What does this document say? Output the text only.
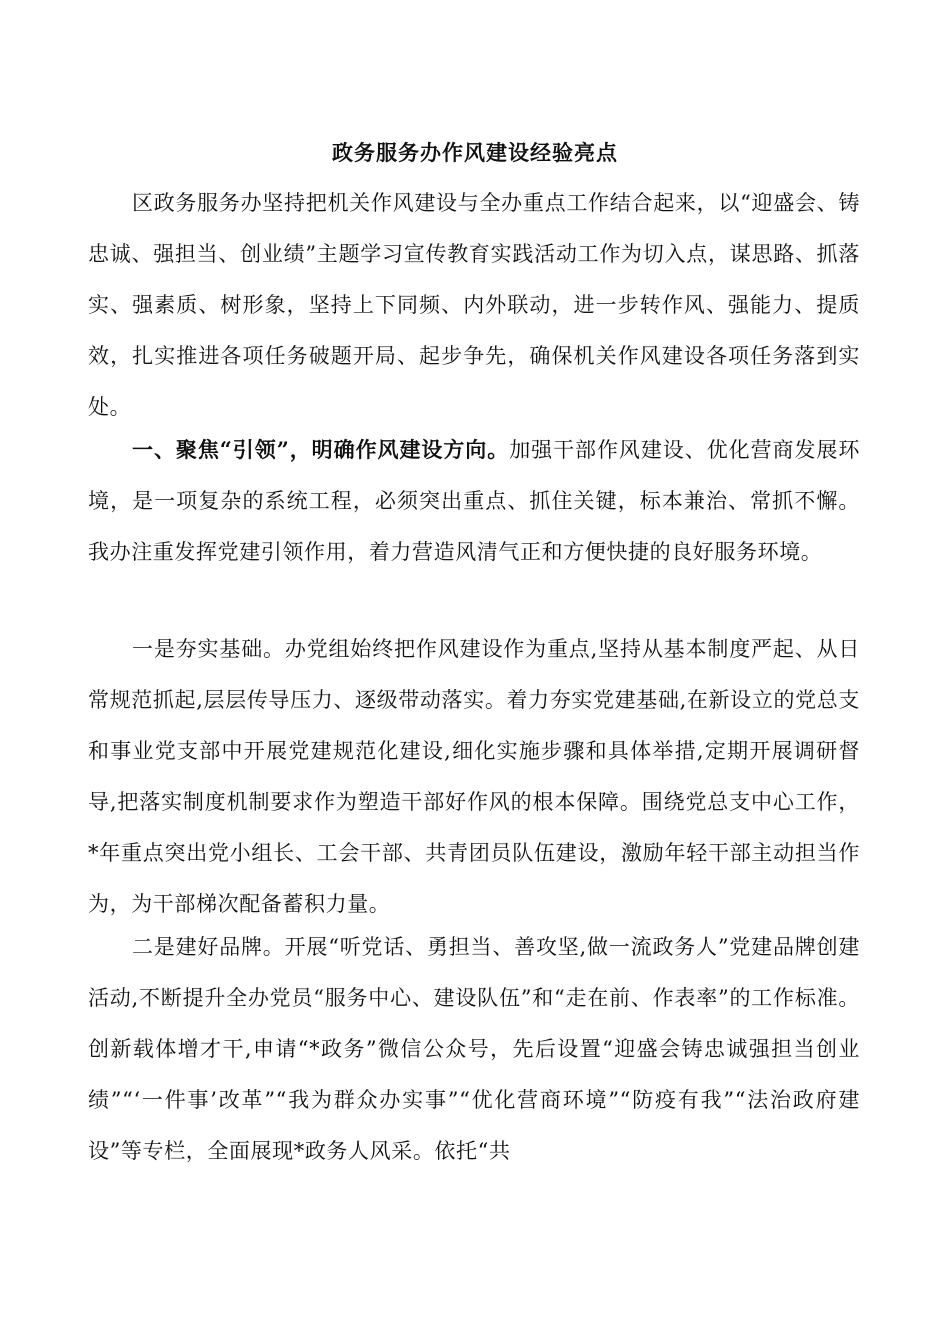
政务服务办作风建设经验亮点

区政务服务办坚持把机关作风建设与全办重点工作结合起来，以“迎盛会、铸忠诚、强担当、创业绩”主题学习宣传教育实践活动工作为切入点，谋思路、抓落实、强素质、树形象，坚持上下同频、内外联动，进一步转作风、强能力、提质效，扎实推进各项任务破题开局、起步争先，确保机关作风建设各项任务落到实处。

一、聚焦“引领”，明确作风建设方向。加强干部作风建设、优化营商发展环境，是一项复杂的系统工程，必须突出重点、抓住关键，标本兼治、常抓不懈。我办注重发挥党建引领作用，着力营造风清气正和方便快捷的良好服务环境。

一是夯实基础。办党组始终把作风建设作为重点,坚持从基本制度严起、从日常规范抓起,层层传导压力、逐级带动落实。着力夯实党建基础,在新设立的党总支和事业党支部中开展党建规范化建设,细化实施步骤和具体举措,定期开展调研督导,把落实制度机制要求作为塑造干部好作风的根本保障。围绕党总支中心工作，*年重点突出党小组长、工会干部、共青团员队伍建设，激励年轻干部主动担当作为，为干部梯次配备蓄积力量。

二是建好品牌。开展“听党话、勇担当、善攻坚,做一流政务人”党建品牌创建活动,不断提升全办党员“服务中心、建设队伍”和“走在前、作表率”的工作标准。创新载体增才干,申请“*政务”微信公众号，先后设置“迎盛会铸忠诚强担当创业绩”“‘一件事’改革”“我为群众办实事”“优化营商环境”“防疫有我”“法治政府建设”等专栏，全面展现*政务人风采。依托“共
